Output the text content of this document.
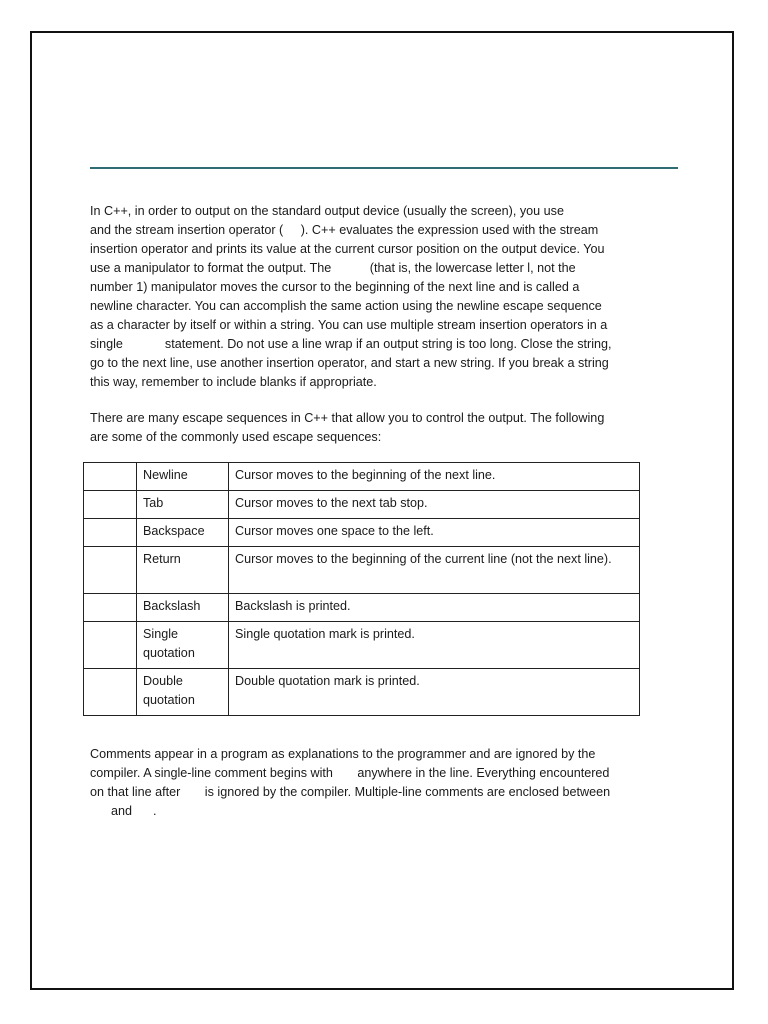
In C++, in order to output on the standard output device (usually the screen), you use
and the stream insertion operator (     ). C++ evaluates the expression used with the stream
insertion operator and prints its value at the current cursor position on the output device. You
use a manipulator to format the output. The           (that is, the lowercase letter l, not the
number 1) manipulator moves the cursor to the beginning of the next line and is called a
newline character. You can accomplish the same action using the newline escape sequence
as a character by itself or within a string. You can use multiple stream insertion operators in a
single            statement. Do not use a line wrap if an output string is too long. Close the string,
go to the next line, use another insertion operator, and start a new string. If you break a string
this way, remember to include blanks if appropriate.

There are many escape sequences in C++ that allow you to control the output. The following
are some of the commonly used escape sequences:

	Newline	Cursor moves to the beginning of the next line.
	Tab	Cursor moves to the next tab stop.
	Backspace	Cursor moves one space to the left.
	Return	Cursor moves to the beginning of the current line (not the next line).
	Backslash	Backslash is printed.
	Single quotation	Single quotation mark is printed.
	Double quotation	Double quotation mark is printed.

Comments appear in a program as explanations to the programmer and are ignored by the
compiler. A single-line comment begins with       anywhere in the line. Everything encountered
on that line after       is ignored by the compiler. Multiple-line comments are enclosed between
and      .
